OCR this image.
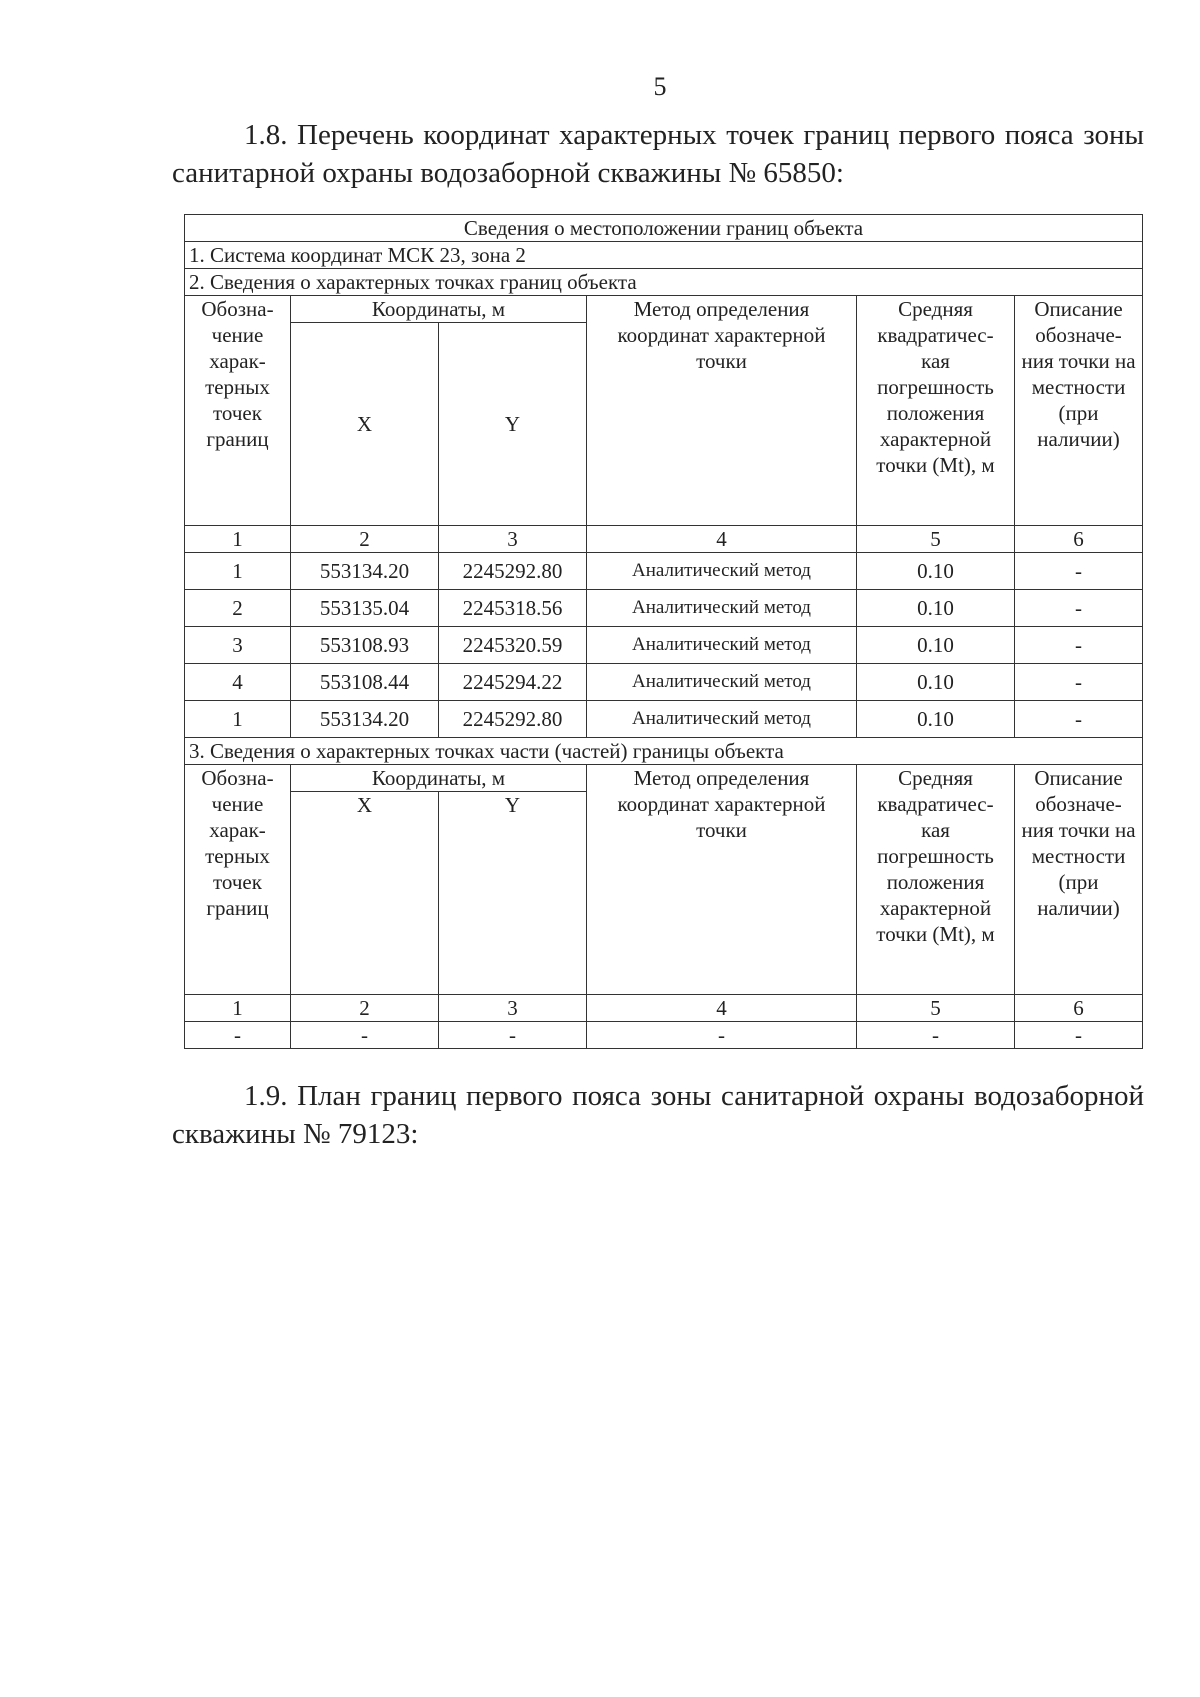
5
1.8. Перечень координат характерных точек границ первого пояса зоны санитарной охраны водозаборной скважины № 65850:
Сведения о местоположении границ объекта					
1. Система координат МСК 23, зона 2					
2. Сведения о характерных точках границ объекта					
Обозна- чение харак- терных точек границ	Координаты, м		Метод определения координат характерной точки	Средняя квадратичес- кая погрешность положения характерной точки (Mt), м	Описание обозначе- ния точки на местности (при наличии)
	X	Y			
1	2	3	4	5	6
1	553134.20	2245292.80	Аналитический метод	0.10	-
2	553135.04	2245318.56	Аналитический метод	0.10	-
3	553108.93	2245320.59	Аналитический метод	0.10	-
4	553108.44	2245294.22	Аналитический метод	0.10	-
1	553134.20	2245292.80	Аналитический метод	0.10	-
3. Сведения о характерных точках части (частей) границы объекта					
Обозна- чение харак- терных точек границ	Координаты, м		Метод определения координат характерной точки	Средняя квадратичес- кая погрешность положения характерной точки (Mt), м	Описание обозначе- ния точки на местности (при наличии)
	X	Y			
1	2	3	4	5	6
-	-	-	-	-	-
1.9. План границ первого пояса зоны санитарной охраны водозаборной скважины № 79123:
